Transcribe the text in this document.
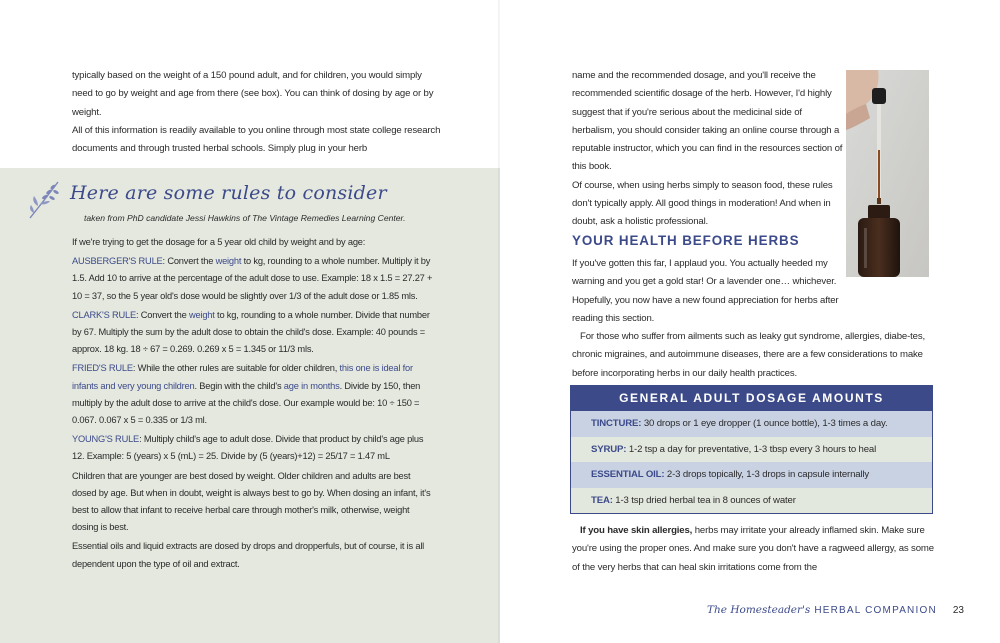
typically based on the weight of a 150 pound adult, and for children, you would simply need to go by weight and age from there (see box). You can think of dosing by age or by weight.

All of this information is readily available to you online through most state college research documents and through trusted herbal schools. Simply plug in your herb

Here are some rules to consider
taken from PhD candidate Jessi Hawkins of The Vintage Remedies Learning Center.

If we're trying to get the dosage for a 5 year old child by weight and by age:

AUSBERGER'S RULE: Convert the weight to kg, rounding to a whole number. Multiply it by 1.5. Add 10 to arrive at the percentage of the adult dose to use. Example: 18 x 1.5 = 27.27 + 10 = 37, so the 5 year old's dose would be slightly over 1/3 of the adult dose or 1.85 mls.

CLARK'S RULE: Convert the weight to kg, rounding to a whole number. Divide that number by 67. Multiply the sum by the adult dose to obtain the child's dose. Example: 40 pounds = approx. 18 kg. 18 ÷ 67 = 0.269. 0.269 x 5 = 1.345 or 11/3 mls.

FRIED'S RULE: While the other rules are suitable for older children, this one is ideal for infants and very young children. Begin with the child's age in months. Divide by 150, then multiply by the adult dose to arrive at the child's dose. Our example would be: 10 ÷ 150 = 0.067. 0.067 x 5 = 0.335 or 1/3 ml.

YOUNG'S RULE: Multiply child's age to adult dose. Divide that product by child's age plus 12. Example: 5 (years) x 5 (mL) = 25. Divide by (5 (years)+12) = 25/17 = 1.47 mL

Children that are younger are best dosed by weight. Older children and adults are best dosed by age. But when in doubt, weight is always best to go by. When dosing an infant, it's best to allow that infant to receive herbal care through mother's milk, otherwise, weight dosing is best.

Essential oils and liquid extracts are dosed by drops and dropperfuls, but of course, it is all dependent upon the type of oil and extract.

name and the recommended dosage, and you'll receive the recommended scientific dosage of the herb. However, I'd highly suggest that if you're serious about the medicinal side of herbalism, you should consider taking an online course through a reputable instructor, which you can find in the resources section of this book.

Of course, when using herbs simply to season food, these rules don't typically apply. All good things in moderation! And when in doubt, ask a holistic professional.

YOUR HEALTH BEFORE HERBS

If you've gotten this far, I applaud you. You actually heeded my warning and you get a gold star! Or a lavender one… whichever. Hopefully, you now have a new found appreciation for herbs after reading this section.

For those who suffer from ailments such as leaky gut syndrome, allergies, diabe-tes, chronic migraines, and autoimmune diseases, there are a few considerations to make before incorporating herbs in our daily health practices.

GENERAL ADULT DOSAGE AMOUNTS
TINCTURE: 30 drops or 1 eye dropper (1 ounce bottle), 1-3 times a day.
SYRUP: 1-2 tsp a day for preventative, 1-3 tbsp every 3 hours to heal
ESSENTIAL OIL: 2-3 drops topically, 1-3 drops in capsule internally
TEA: 1-3 tsp dried herbal tea in 8 ounces of water

If you have skin allergies, herbs may irritate your already inflamed skin. Make sure you're using the proper ones. And make sure you don't have a ragweed allergy, as some of the very herbs that can heal skin irritations come from the

The Homesteader's HERBAL COMPANION 23
